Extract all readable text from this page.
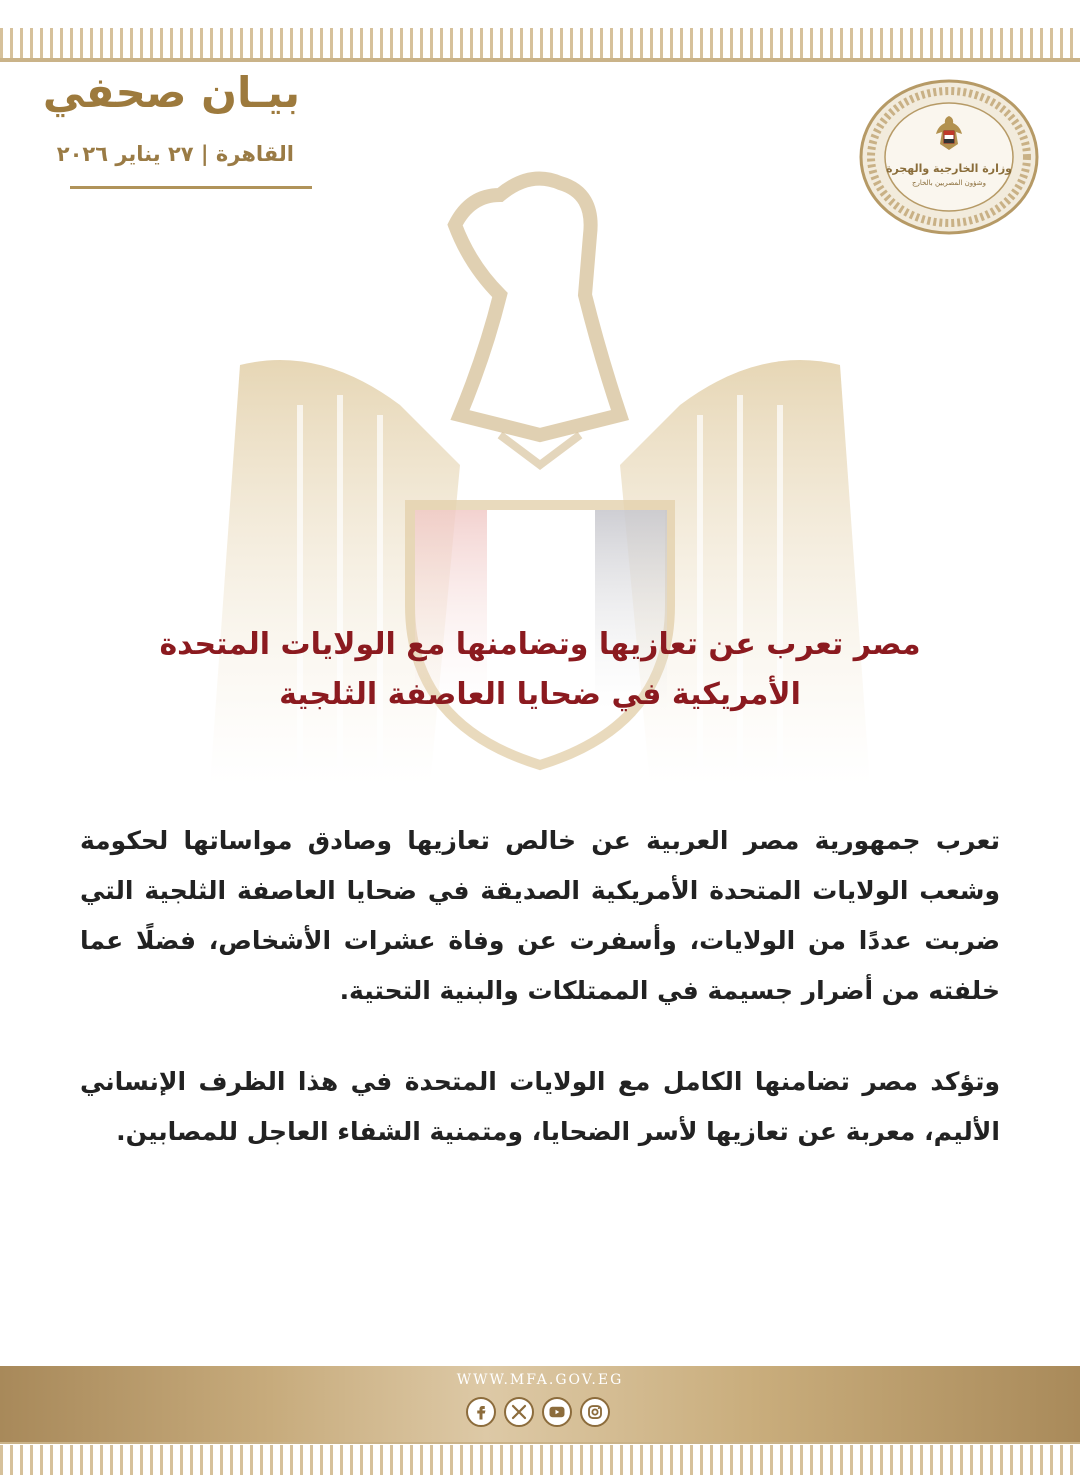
بيـان صحفي
القاهرة | ٢٧ يناير ٢٠٢٦
وزارة الخارجية والهجرة
وشؤون المصريين بالخارج
مصر تعرب عن تعازيها وتضامنها مع الولايات المتحدة
الأمريكية في ضحايا العاصفة الثلجية
تعرب جمهورية مصر العربية عن خالص تعازيها وصادق مواساتها لحكومة وشعب الولايات المتحدة الأمريكية الصديقة في ضحايا العاصفة الثلجية التي ضربت عددًا من الولايات، وأسفرت عن وفاة عشرات الأشخاص، فضلًا عما خلفته من أضرار جسيمة في الممتلكات والبنية التحتية.
وتؤكد مصر تضامنها الكامل مع الولايات المتحدة في هذا الظرف الإنساني الأليم، معربة عن تعازيها لأسر الضحايا، ومتمنية الشفاء العاجل للمصابين.
WWW.MFA.GOV.EG
